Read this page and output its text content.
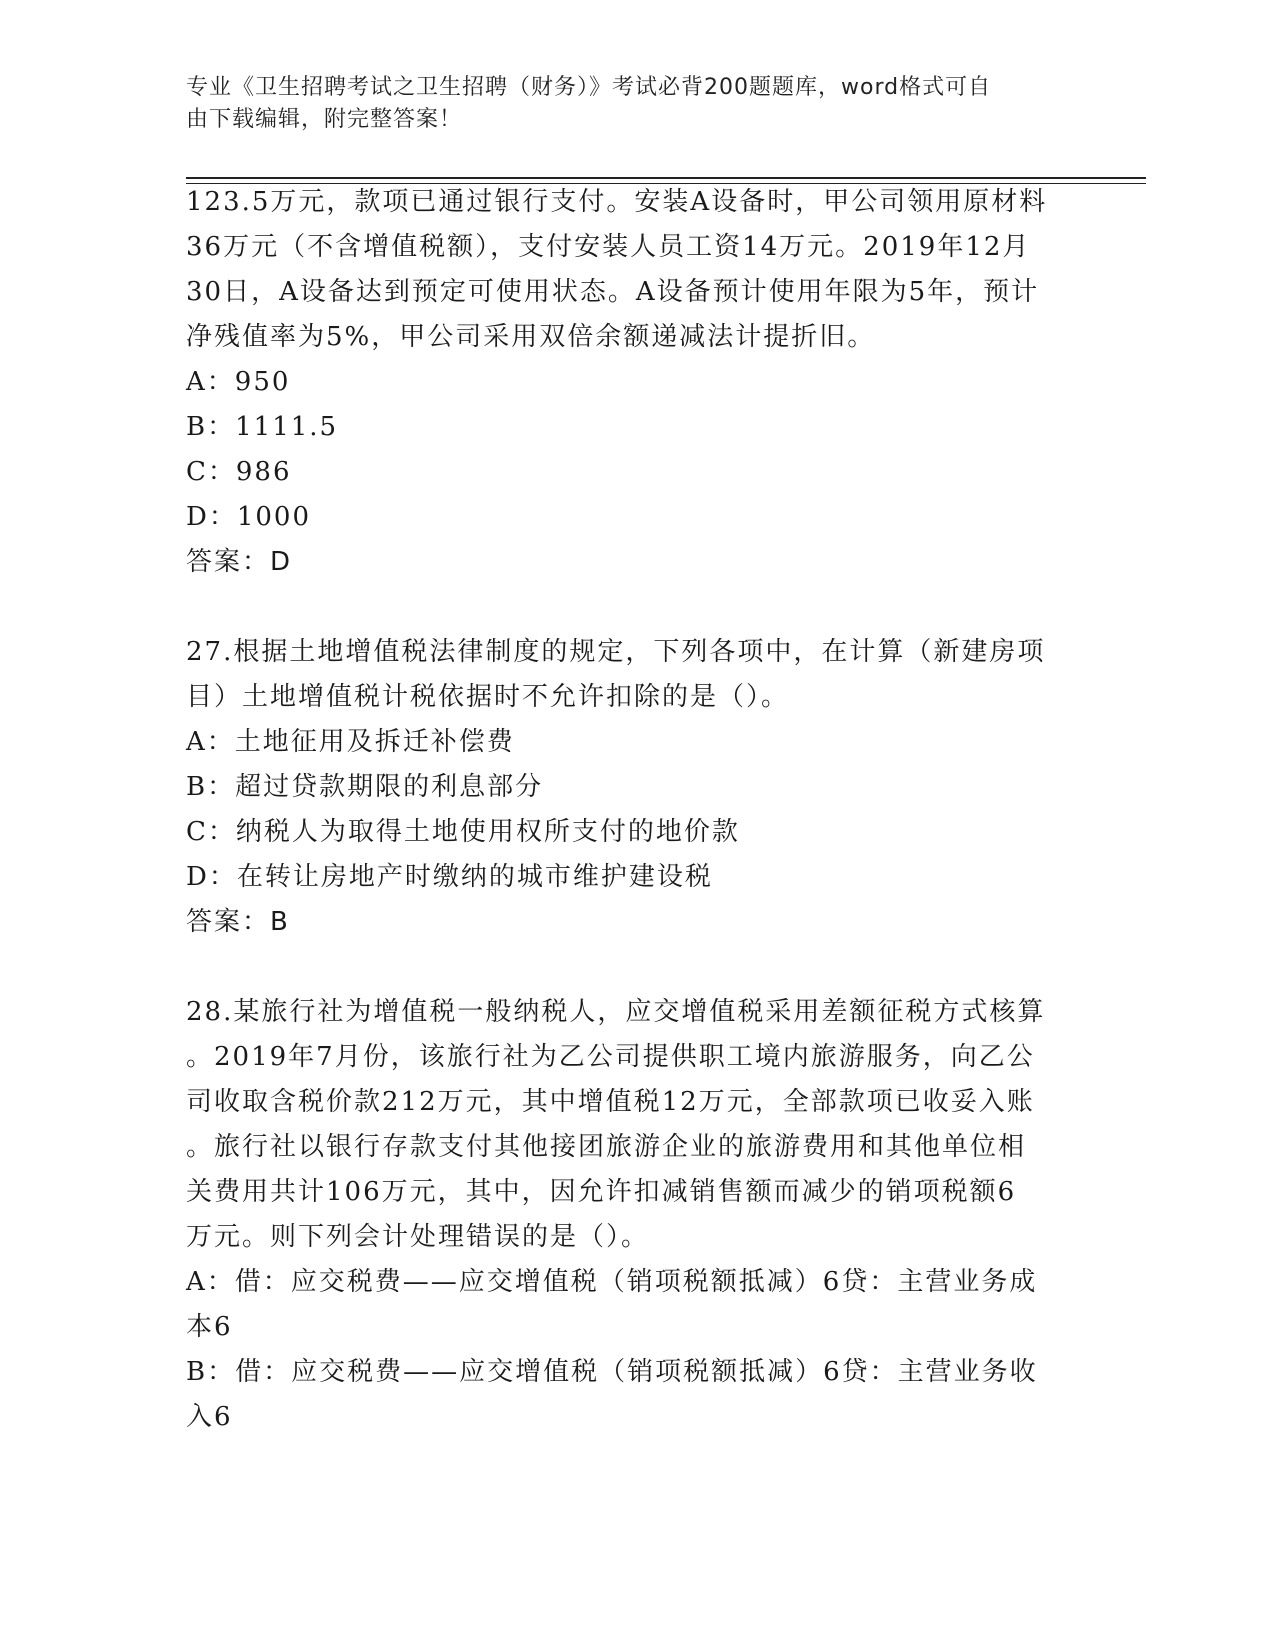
专业《卫生招聘考试之卫生招聘（财务）》考试必背200题题库，word格式可自
由下载编辑，附完整答案！
123.5万元，款项已通过银行支付。安装A设备时，甲公司领用原材料
36万元（不含增值税额），支付安装人员工资14万元。2019年12月
30日，A设备达到预定可使用状态。A设备预计使用年限为5年，预计
净残值率为5%，甲公司采用双倍余额递减法计提折旧。
A：950
B：1111.5
C：986
D：1000
答案：D
27.根据土地增值税法律制度的规定，下列各项中，在计算（新建房项
目）土地增值税计税依据时不允许扣除的是（）。
A：土地征用及拆迁补偿费
B：超过贷款期限的利息部分
C：纳税人为取得土地使用权所支付的地价款
D：在转让房地产时缴纳的城市维护建设税
答案：B
28.某旅行社为增值税一般纳税人，应交增值税采用差额征税方式核算
。2019年7月份，该旅行社为乙公司提供职工境内旅游服务，向乙公
司收取含税价款212万元，其中增值税12万元，全部款项已收妥入账
。旅行社以银行存款支付其他接团旅游企业的旅游费用和其他单位相
关费用共计106万元，其中，因允许扣减销售额而减少的销项税额6
万元。则下列会计处理错误的是（）。
A：借：应交税费——应交增值税（销项税额抵减）6贷：主营业务成
本6
B：借：应交税费——应交增值税（销项税额抵减）6贷：主营业务收
入6
